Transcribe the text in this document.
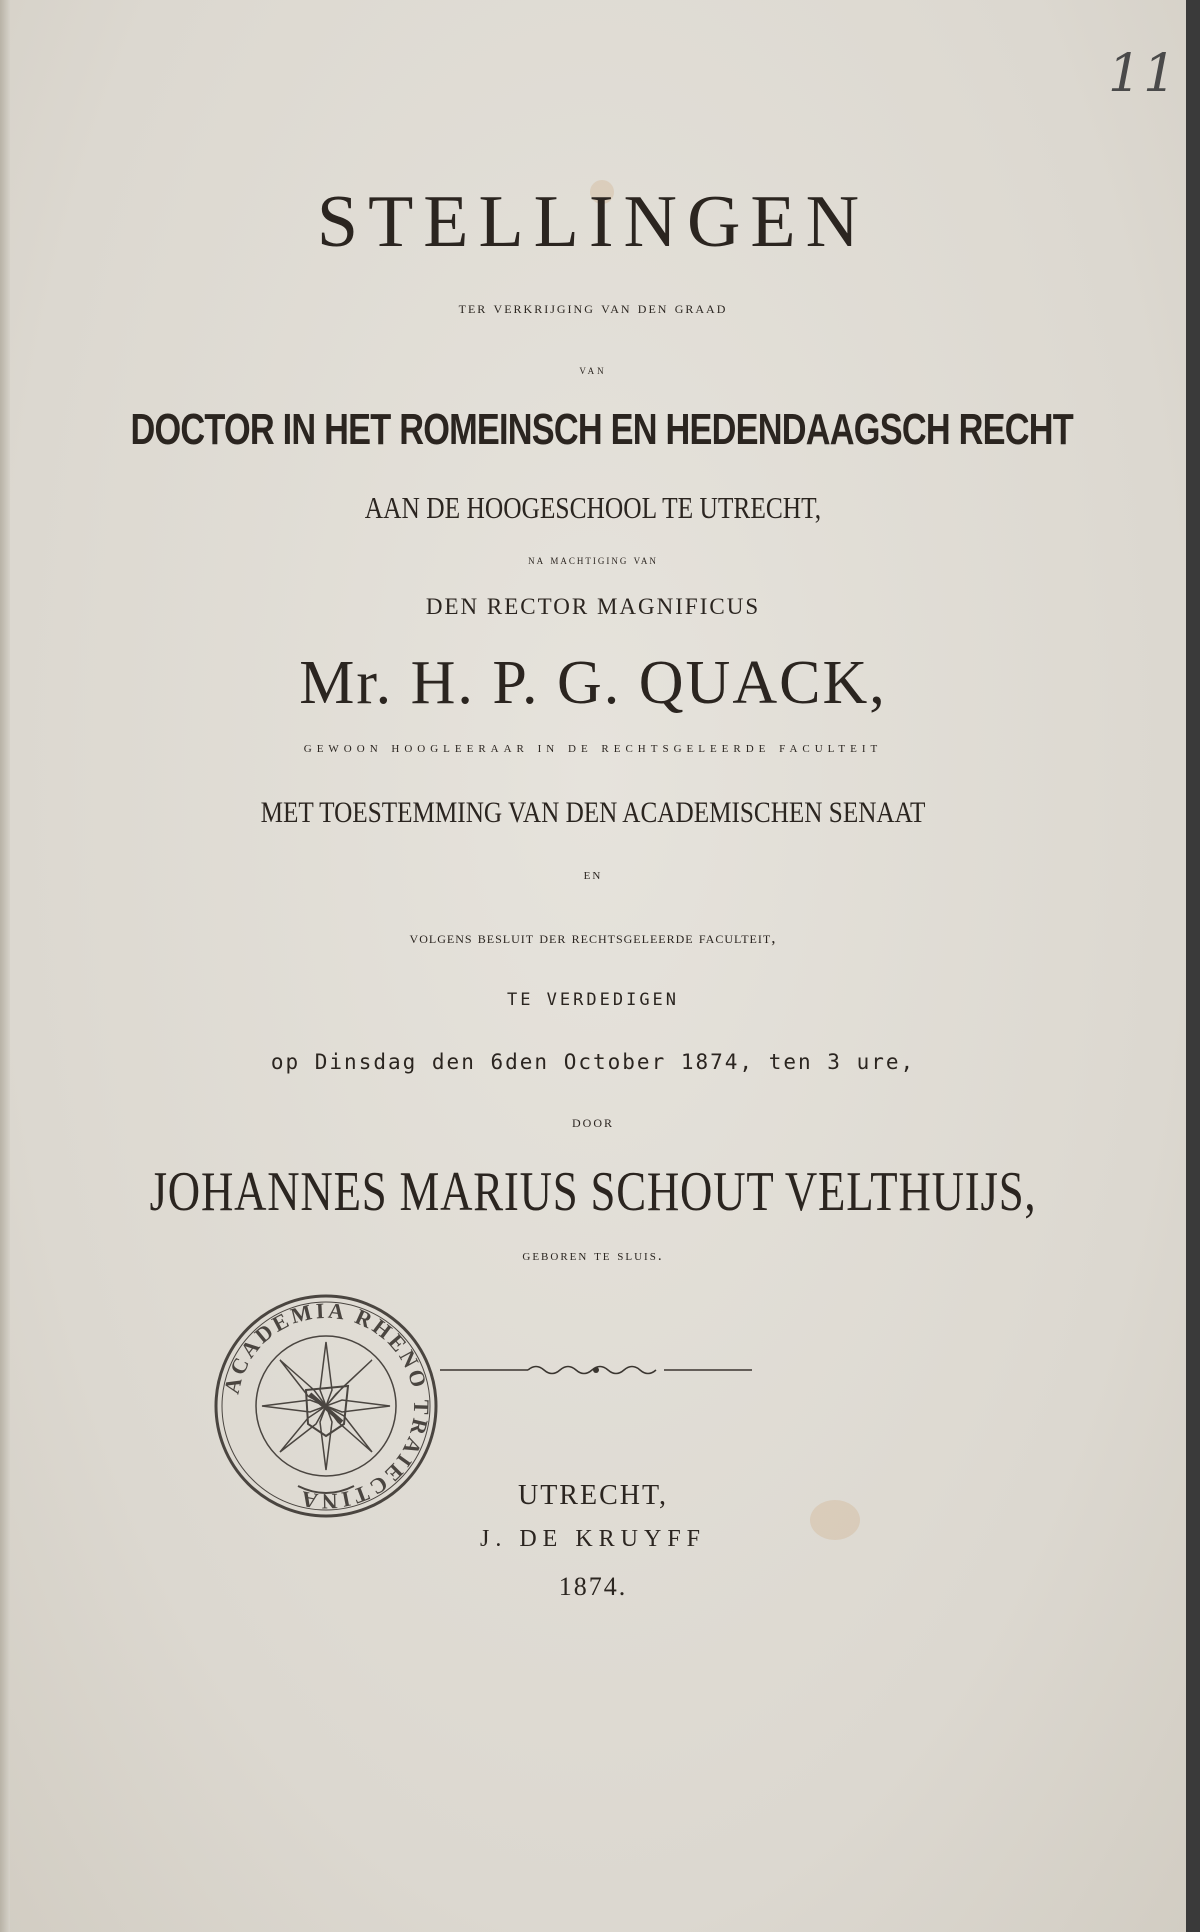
11
STELLINGEN
ter verkrijging van den graad
van
DOCTOR IN HET ROMEINSCH EN HEDENDAAGSCH RECHT
AAN DE HOOGESCHOOL TE UTRECHT,
na machtiging van
DEN RECTOR MAGNIFICUS
Mr. H. P. G. QUACK,
gewoon hoogleeraar in de rechtsgeleerde faculteit
MET TOESTEMMING VAN DEN ACADEMISCHEN SENAAT
EN
volgens besluit der rechtsgeleerde faculteit,
TE VERDEDIGEN
op Dinsdag den 6den October 1874, ten 3 ure,
DOOR
JOHANNES MARIUS SCHOUT VELTHUIJS,
geboren te sluis.
ACADEMIA RHENO TRAIECTINA	UTRECHT,
J. DE KRUYFF
1874.
